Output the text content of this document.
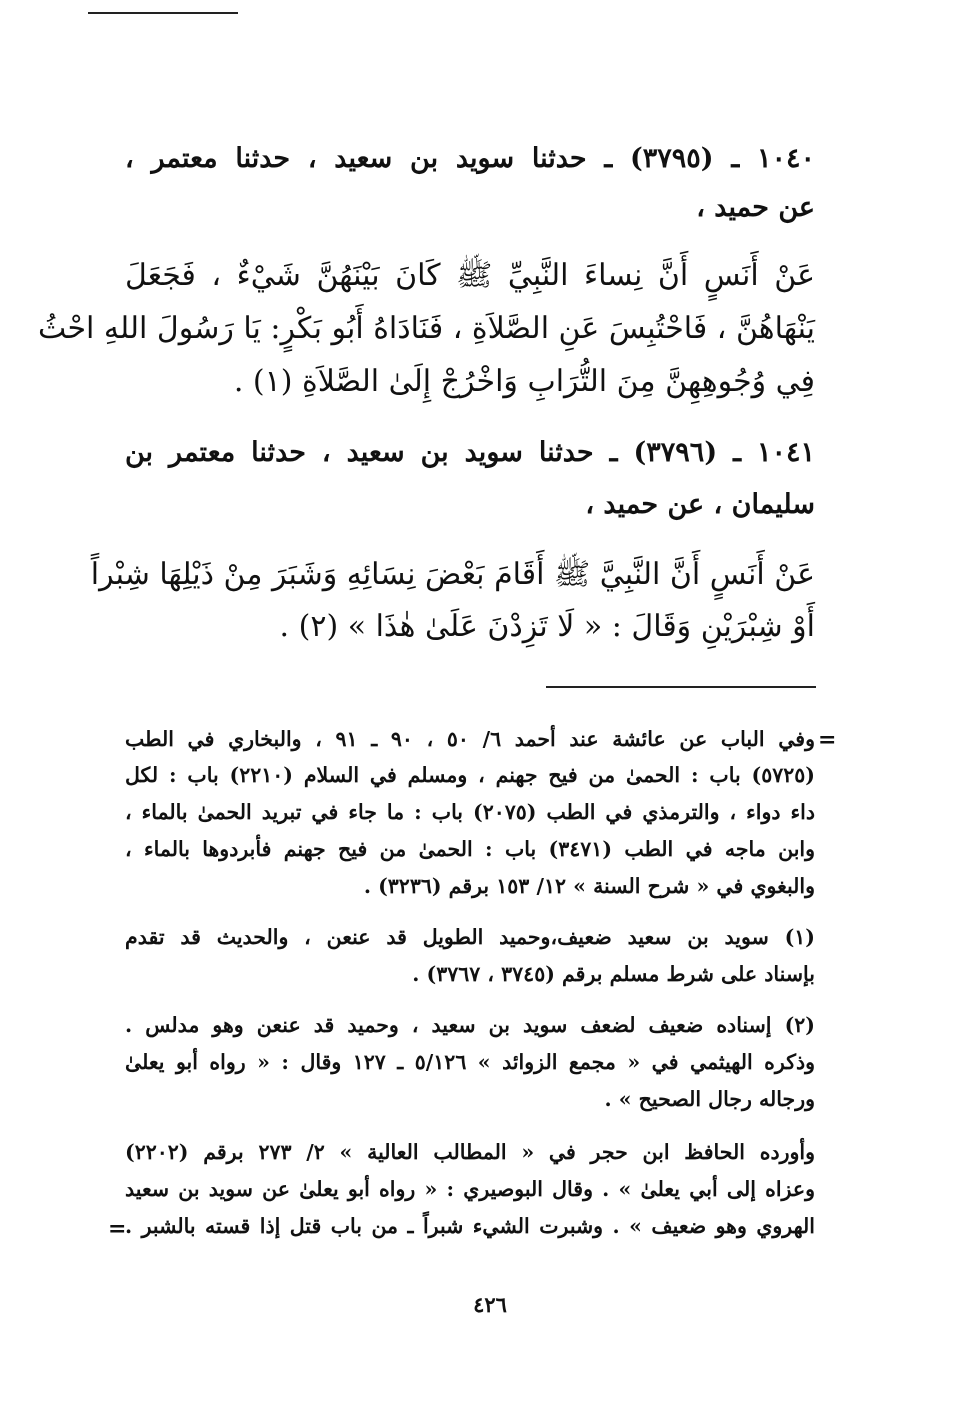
١٠٤٠ ـ (٣٧٩٥) ـ حدثنا سويد بن سعيد ، حدثنا معتمر ،
عن حميد ،
عَنْ أَنَسٍ أَنَّ نِساءَ النَّبِيِّ ﷺ كَانَ بَيْنَهُنَّ شَيْءٌ ، فَجَعَلَ
يَنْهَاهُنَّ ، فَاحْتُبِسَ عَنِ الصَّلاَةِ ، فَنَادَاهُ أَبُو بَكْرٍ: يَا رَسُولَ اللهِ احْثُ
فِي وُجُوهِهِنَّ مِنَ التُّرَابِ وَاخْرُجْ إِلَىٰ الصَّلاَةِ (١) .
١٠٤١ ـ (٣٧٩٦) ـ حدثنا سويد بن سعيد ، حدثنا معتمر بن
سليمان ، عن حميد ،
عَنْ أَنَسٍ أَنَّ النَّبِيَّ ﷺ أَقَامَ بَعْضَ نِسَائِهِ وَشَبَرَ مِنْ ذَيْلِهَا شِبْراً
أَوْ شِبْرَيْنِ وَقَالَ : « لَا تَزِدْنَ عَلَىٰ هٰذَا » (٢) .
وفي الباب عن عائشة عند أحمد ٦/ ٥٠ ، ٩٠ ـ ٩١ ، والبخاري في الطب
(٥٧٢٥) باب : الحمىٰ من فيح جهنم ، ومسلم في السلام (٢٢١٠) باب : لكل
داء دواء ، والترمذي في الطب (٢٠٧٥) باب : ما جاء في تبريد الحمىٰ بالماء ،
وابن ماجه في الطب (٣٤٧١) باب : الحمىٰ من فيح جهنم فأبردوها بالماء ،
والبغوي في « شرح السنة » ١٢/ ١٥٣ برقم (٣٢٣٦) .
(١) سويد بن سعيد ضعيف،وحميد الطويل قد عنعن ، والحديث قد تقدم
بإسناد على شرط مسلم برقم (٣٧٤٥ ، ٣٧٦٧) .
(٢) إسناده ضعيف لضعف سويد بن سعيد ، وحميد قد عنعن وهو مدلس .
وذكره الهيثمي في « مجمع الزوائد » ٥/١٢٦ ـ ١٢٧ وقال : « رواه أبو يعلىٰ
ورجاله رجال الصحيح » .
وأورده الحافظ ابن حجر في « المطالب العالية » ٢/ ٢٧٣ برقم (٢٢٠٢)
وعزاه إلى أبي يعلىٰ » . وقال البوصيري : « رواه أبو يعلىٰ عن سويد بن سعيد
الهروي وهو ضعيف » . وشبرت الشيء شبراً ـ من باب قتل إذا قسته بالشبر .
٤٢٦
=
=
